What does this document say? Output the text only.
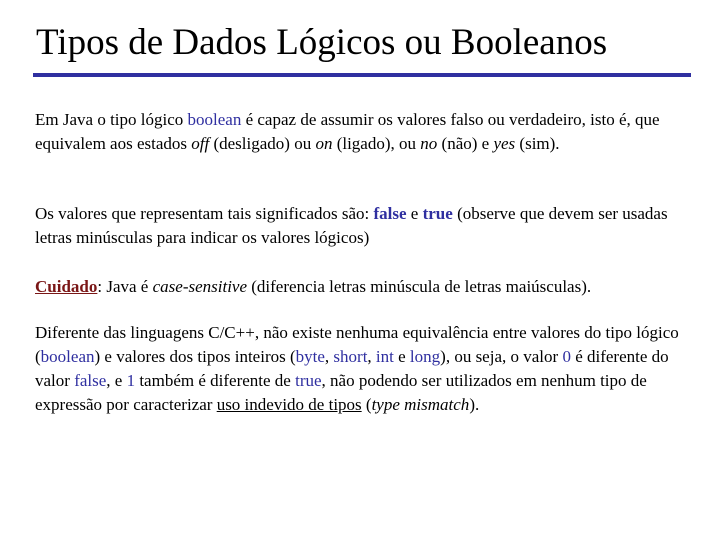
Tipos de Dados Lógicos ou Booleanos
Em Java o tipo lógico boolean é capaz de assumir os valores falso ou verdadeiro, isto é, que equivalem aos estados off (desligado) ou on (ligado), ou no (não) e yes (sim).
Os valores que representam tais significados são: false e true (observe que devem ser usadas letras minúsculas para indicar os valores lógicos)
Cuidado: Java é case-sensitive (diferencia letras minúscula de letras maiúsculas).
Diferente das linguagens C/C++, não existe nenhuma equivalência entre valores do tipo lógico (boolean) e valores dos tipos inteiros (byte, short, int e long), ou seja, o valor 0 é diferente do valor false, e 1 também é diferente de true, não podendo ser utilizados em nenhum tipo de expressão por caracterizar uso indevido de tipos (type mismatch).
